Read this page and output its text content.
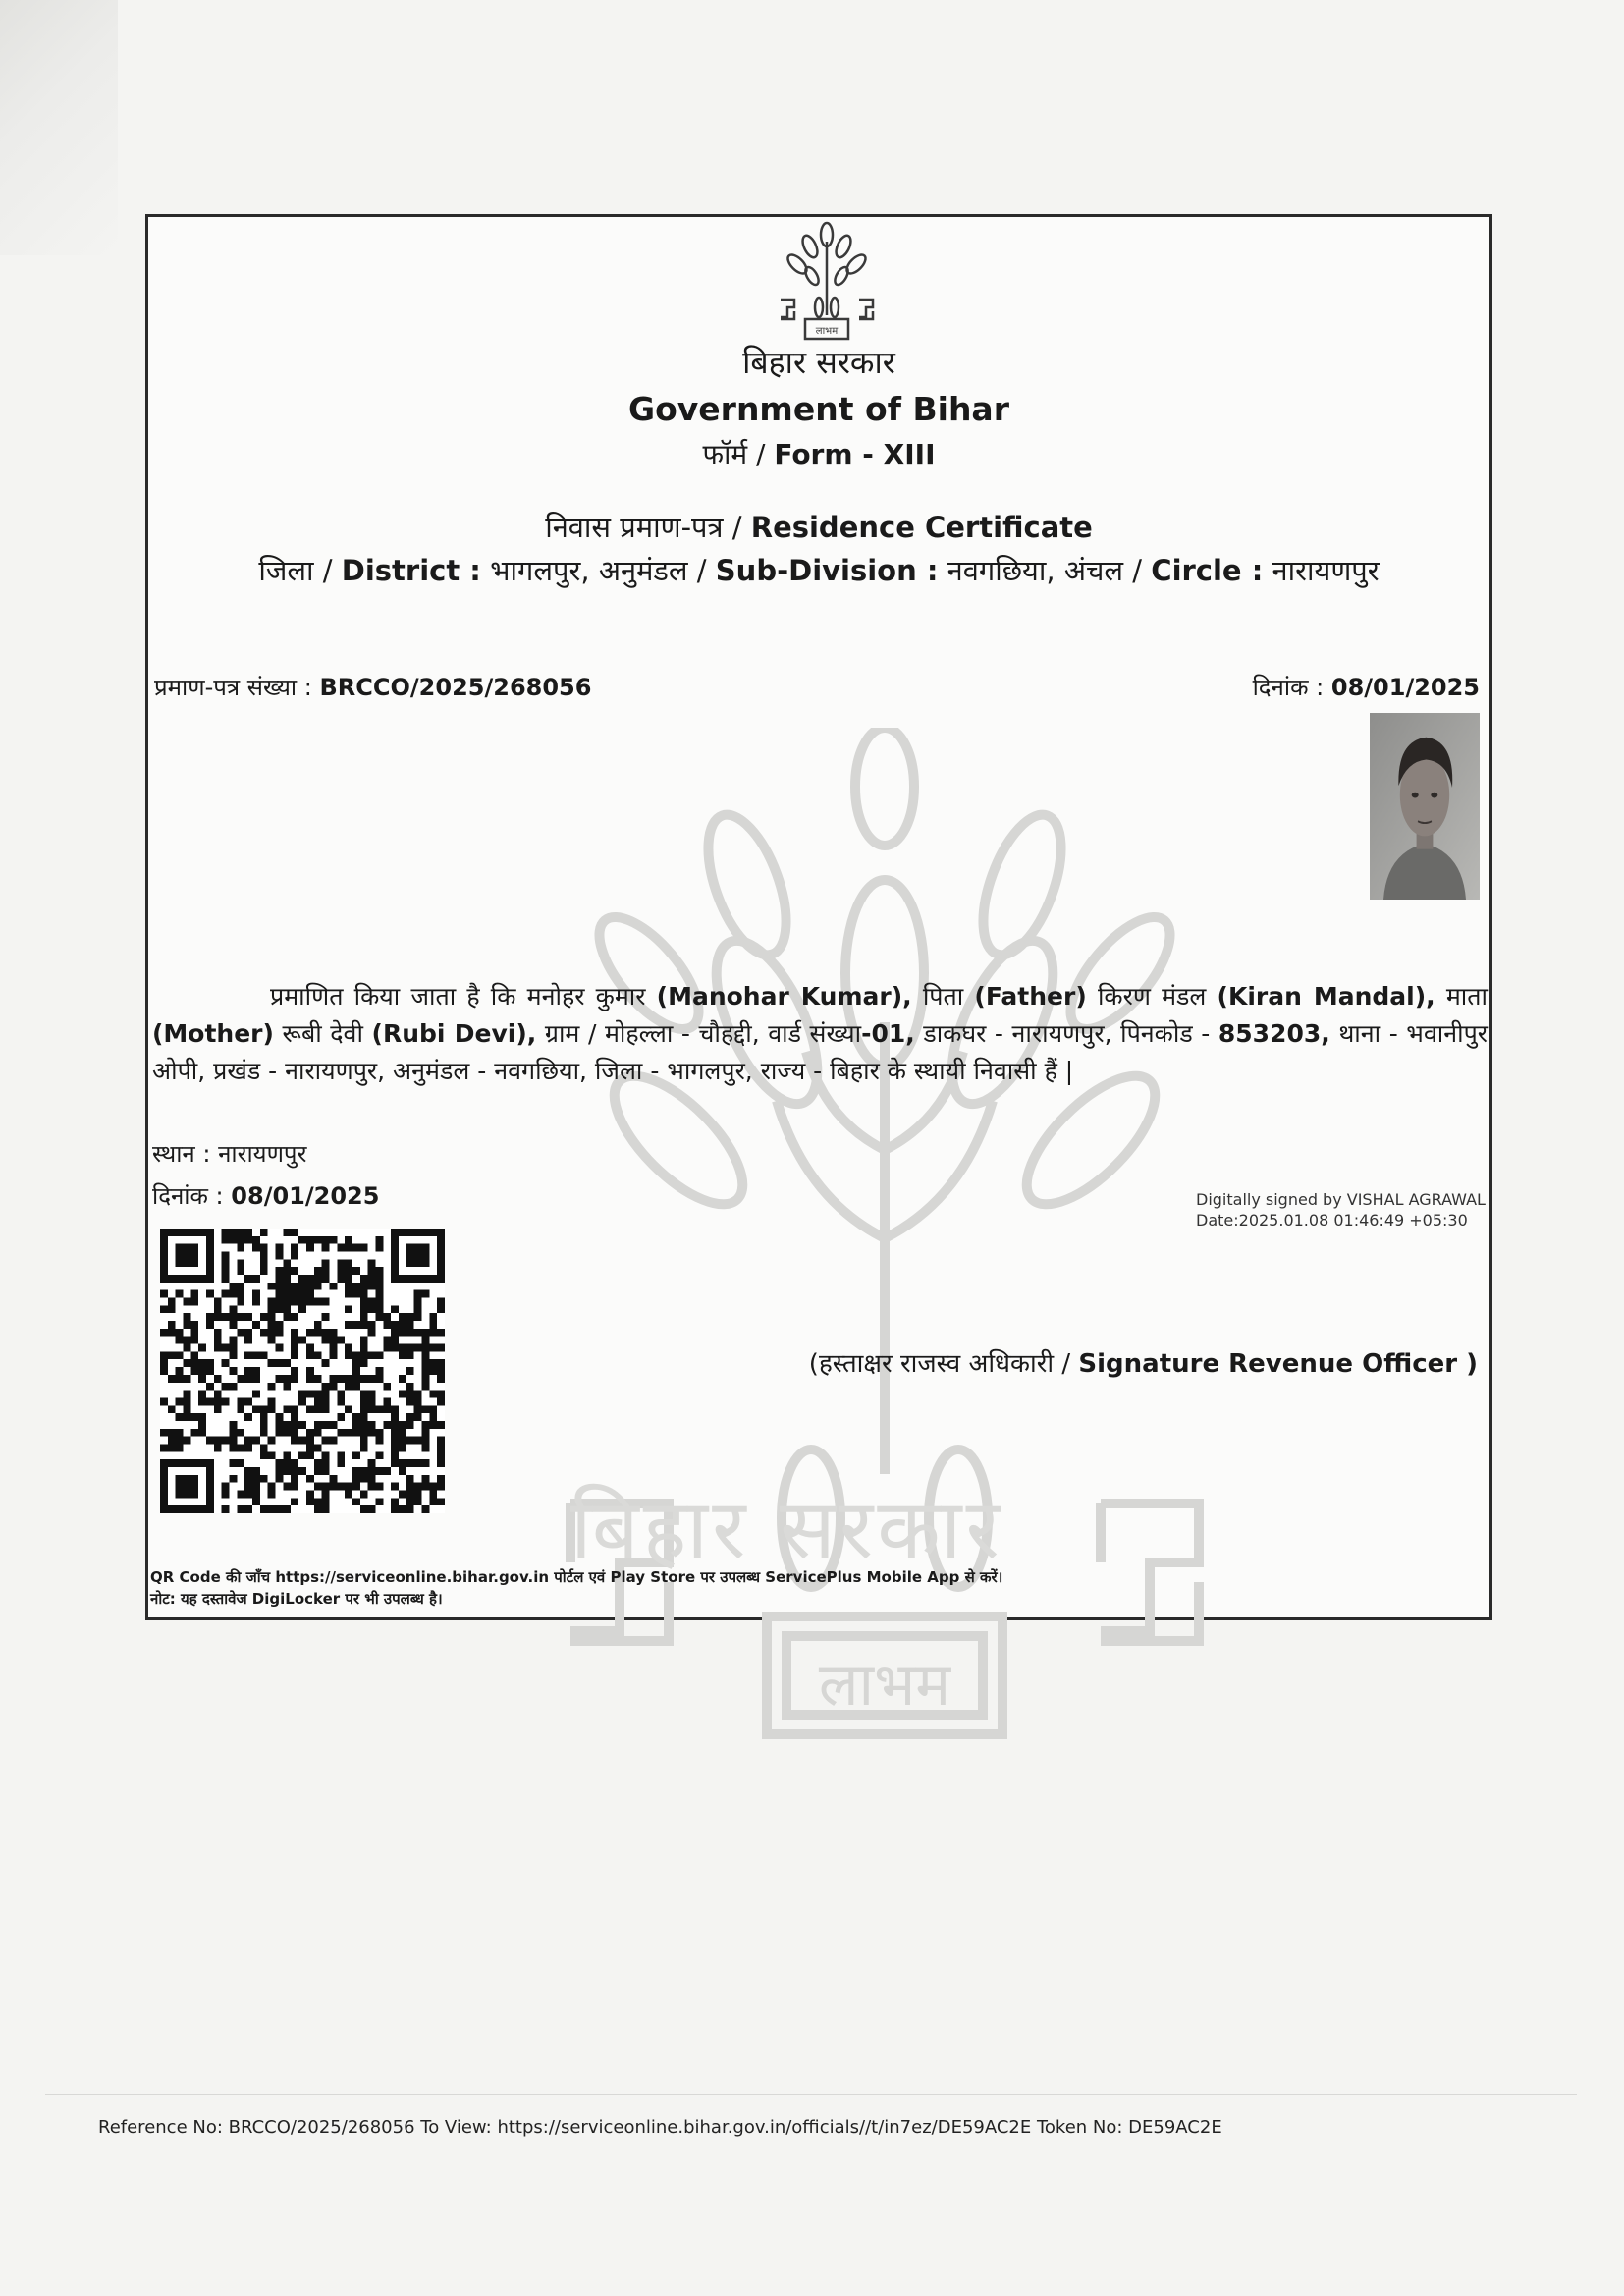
लाभम
बिहार सरकार
लाभम
बिहार सरकार
Government of Bihar
फॉर्म / Form - XIII
निवास प्रमाण-पत्र / Residence Certificate
जिला / District : भागलपुर, अनुमंडल / Sub-Division : नवगछिया, अंचल / Circle : नारायणपुर
प्रमाण-पत्र संख्या : BRCCO/2025/268056	दिनांक : 08/01/2025
प्रमाणित किया जाता है कि मनोहर कुमार (Manohar Kumar), पिता (Father) किरण मंडल (Kiran Mandal), माता (Mother) रूबी देवी (Rubi Devi), ग्राम / मोहल्ला - चौहद्दी, वार्ड संख्या-01, डाकघर - नारायणपुर, पिनकोड - 853203, थाना - भवानीपुर ओपी, प्रखंड - नारायणपुर, अनुमंडल - नवगछिया, जिला - भागलपुर, राज्य - बिहार के स्थायी निवासी हैं |
स्थान : नारायणपुर
दिनांक : 08/01/2025	Digitally signed by VISHAL AGRAWAL
Date:2025.01.08 01:46:49 +05:30
(हस्ताक्षर राजस्व अधिकारी / Signature Revenue Officer )
QR Code की जाँच https://serviceonline.bihar.gov.in पोर्टल एवं Play Store पर उपलब्ध ServicePlus Mobile App से करें।
नोट: यह दस्तावेज DigiLocker पर भी उपलब्ध है।
Reference No: BRCCO/2025/268056 To View: https://serviceonline.bihar.gov.in/officials//t/in7ez/DE59AC2E Token No: DE59AC2E
